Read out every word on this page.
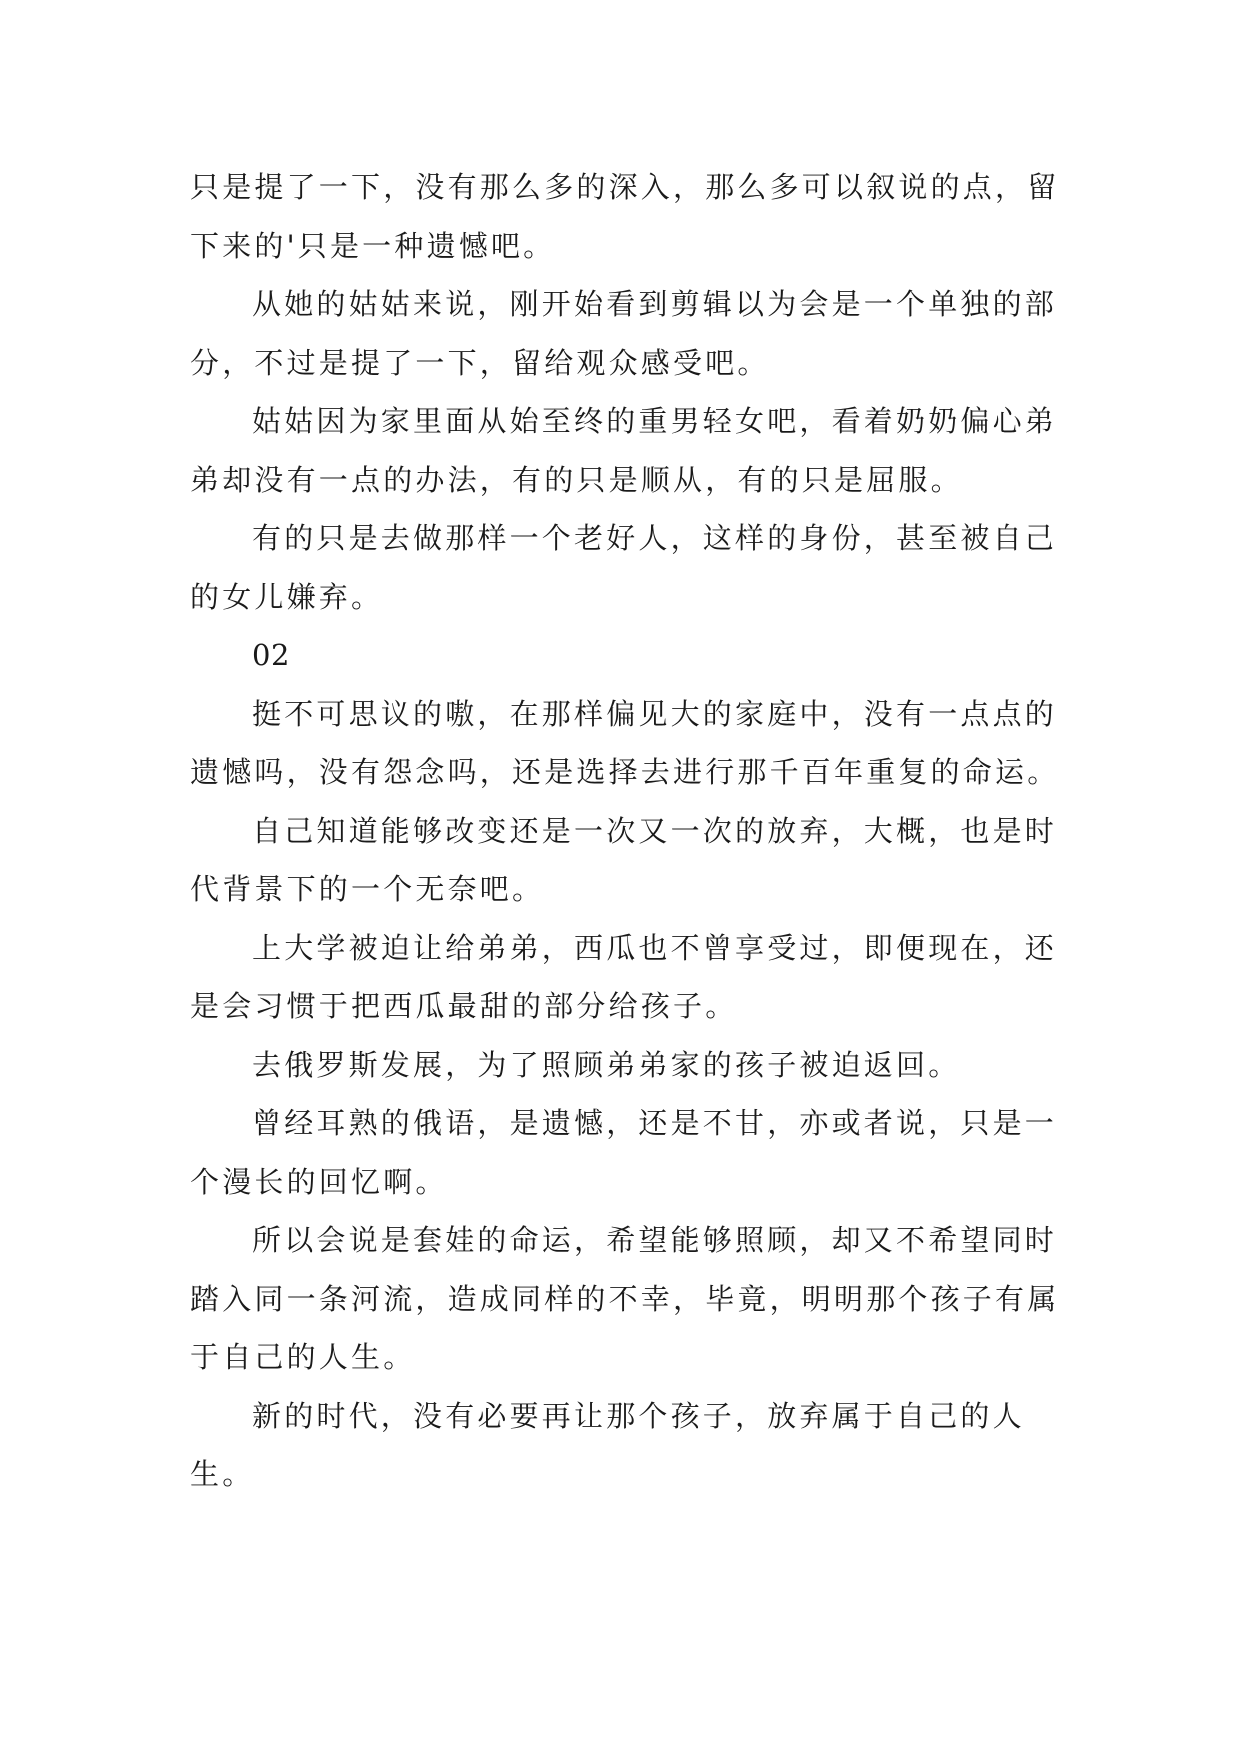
只是提了一下，没有那么多的深入，那么多可以叙说的点，留下来的'只是一种遗憾吧。

从她的姑姑来说，刚开始看到剪辑以为会是一个单独的部分，不过是提了一下，留给观众感受吧。

姑姑因为家里面从始至终的重男轻女吧，看着奶奶偏心弟弟却没有一点的办法，有的只是顺从，有的只是屈服。

有的只是去做那样一个老好人，这样的身份，甚至被自己的女儿嫌弃。

02

挺不可思议的嗷，在那样偏见大的家庭中，没有一点点的遗憾吗，没有怨念吗，还是选择去进行那千百年重复的命运。

自己知道能够改变还是一次又一次的放弃，大概，也是时代背景下的一个无奈吧。

上大学被迫让给弟弟，西瓜也不曾享受过，即便现在，还是会习惯于把西瓜最甜的部分给孩子。

去俄罗斯发展，为了照顾弟弟家的孩子被迫返回。

曾经耳熟的俄语，是遗憾，还是不甘，亦或者说，只是一个漫长的回忆啊。

所以会说是套娃的命运，希望能够照顾，却又不希望同时踏入同一条河流，造成同样的不幸，毕竟，明明那个孩子有属于自己的人生。

新的时代，没有必要再让那个孩子，放弃属于自己的人生。
